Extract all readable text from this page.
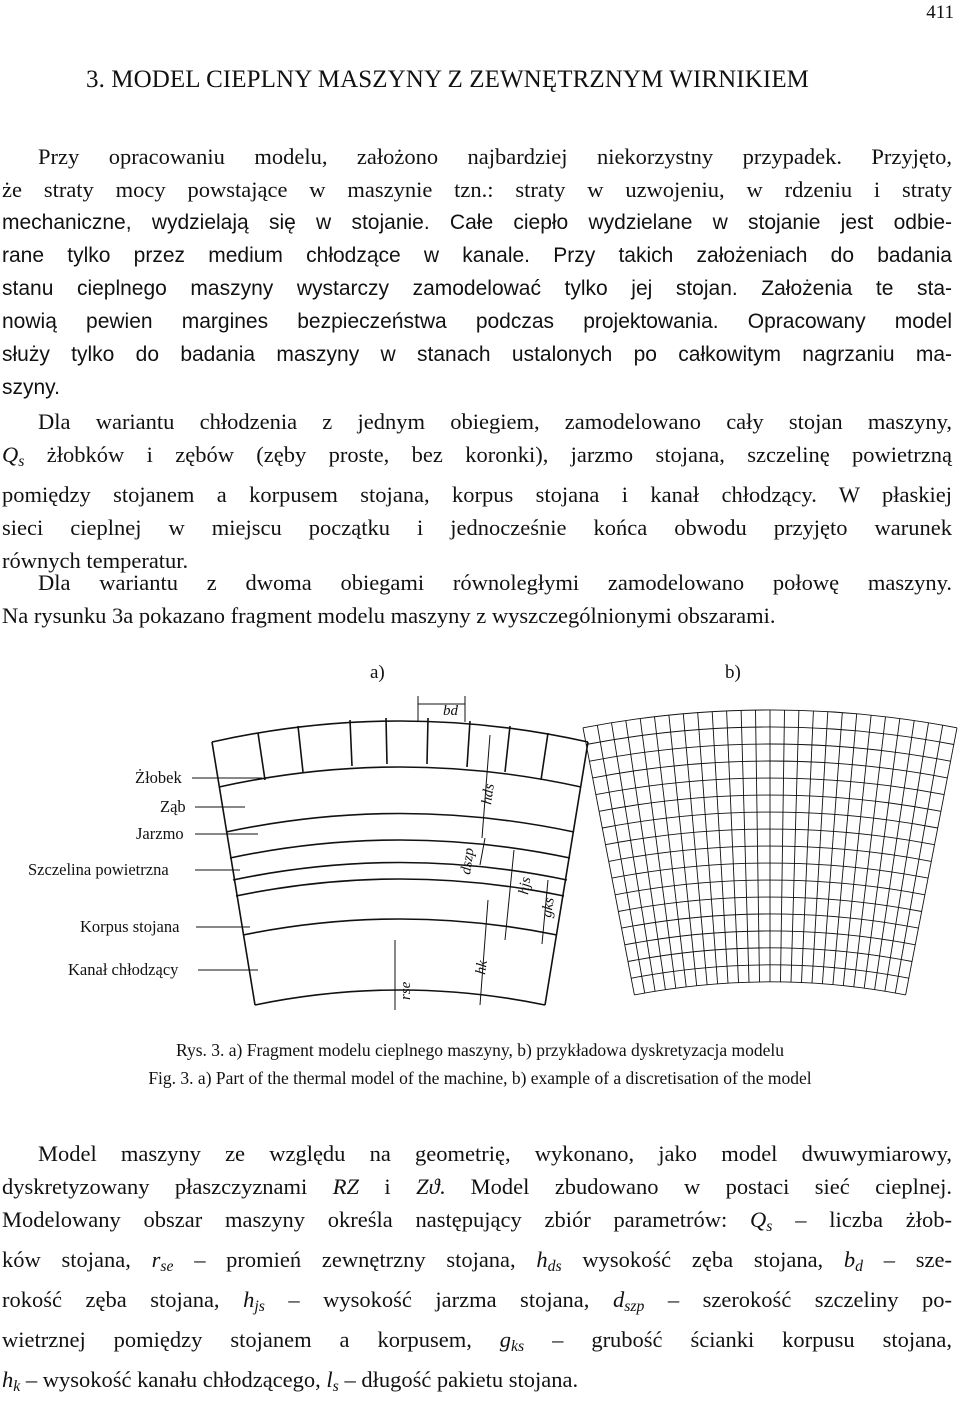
411
3. MODEL CIEPLNY MASZYNY Z ZEWNĘTRZNYM WIRNIKIEM
Przy opracowaniu modelu, założono najbardziej niekorzystny przypadek. Przyjęto,
że straty mocy powstające w maszynie tzn.: straty w uzwojeniu, w rdzeniu i straty
mechaniczne, wydzielają się w stojanie. Całe ciepło wydzielane w stojanie jest odbie-
rane tylko przez medium chłodzące w kanale. Przy takich założeniach do badania
stanu cieplnego maszyny wystarczy zamodelować tylko jej stojan. Założenia te sta-
nowią pewien margines bezpieczeństwa podczas projektowania. Opracowany model
służy tylko do badania maszyny w stanach ustalonych po całkowitym nagrzaniu ma-
szyny.
Dla wariantu chłodzenia z jednym obiegiem, zamodelowano cały stojan maszyny,
$Q_s$ żłobków i zębów (zęby proste, bez koronki), jarzmo stojana, szczelinę powietrzną
pomiędzy stojanem a korpusem stojana, korpus stojana i kanał chłodzący. W płaskiej
sieci cieplnej w miejscu początku i jednocześnie końca obwodu przyjęto warunek
równych temperatur.
Dla wariantu z dwoma obiegami równoległymi zamodelowano połowę maszyny.
Na rysunku 3a pokazano fragment modelu maszyny z wyszczególnionymi obszarami.
a)
bd
hds
dszp
hjs
gks
hk
rse
Żłobek
Ząb
Jarzmo
Szczelina powietrzna
Korpus stojana
Kanał chłodzący
b)
Rys. 3. a) Fragment modelu cieplnego maszyny, b) przykładowa dyskretyzacja modelu
Fig. 3. a) Part of the thermal model of the machine, b) example of a discretisation of the model
Model maszyny ze względu na geometrię, wykonano, jako model dwuwymiarowy,
dyskretyzowany płaszczyznami RZ i Zϑ. Model zbudowano w postaci sieć cieplnej.
Modelowany obszar maszyny określa następujący zbiór parametrów: $Q_s$ – liczba żłob-
ków stojana, $r_{se}$ – promień zewnętrzny stojana, $h_{ds}$ wysokość zęba stojana, $b_d - sze-$
rokość zęba stojana, $h_{js}$ – wysokość jarzma stojana, $d_{szp}$ – szerokość szczeliny po-
wietrznej pomiędzy stojanem a korpusem, $g_{ks}$ – grubość ścianki korpusu stojana,
$h_k$ – wysokość kanału chłodzącego, $l_s$ – długość pakietu stojana.
